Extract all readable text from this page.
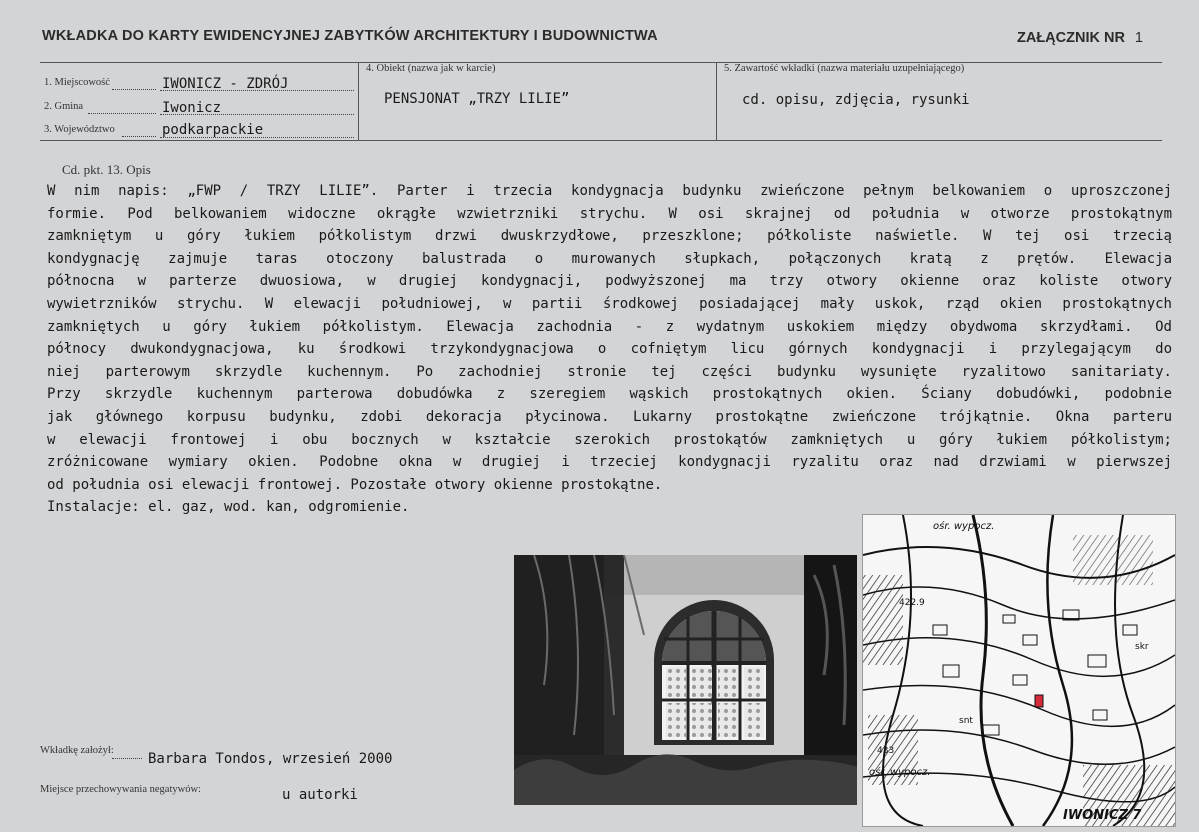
WKŁADKA DO KARTY EWIDENCYJNEJ ZABYTKÓW ARCHITEKTURY I BUDOWNICTWA	ZAŁĄCZNIK NR 1
1. Miejscowość	IWONICZ - ZDRÓJ
2. Gmina	Iwonicz
3. Województwo	podkarpackie
4. Obiekt (nazwa jak w karcie)
PENSJONAT „TRZY LILIE”
5. Zawartość wkładki (nazwa materiału uzupełniającego)
cd. opisu, zdjęcia, rysunki
Cd. pkt. 13. Opis
W nim napis: „FWP / TRZY LILIE”. Parter i trzecia kondygnacja budynku zwieńczone pełnym belkowaniem o uproszczonej
formie. Pod belkowaniem widoczne okrągłe wzwietrzniki strychu. W osi skrajnej od południa w otworze prostokątnym
zamkniętym u góry łukiem półkolistym drzwi dwuskrzydłowe, przeszklone; półkoliste naświetle. W tej osi trzecią
kondygnację zajmuje taras otoczony balustrada o murowanych słupkach, połączonych kratą z prętów. Elewacja
północna w parterze dwuosiowa, w drugiej kondygnacji, podwyższonej ma trzy otwory okienne oraz koliste otwory
wywietrzników strychu. W elewacji południowej, w partii środkowej posiadającej mały uskok, rząd okien prostokątnych
zamkniętych u góry łukiem półkolistym. Elewacja zachodnia - z wydatnym uskokiem między obydwoma skrzydłami. Od
północy dwukondygnacjowa, ku środkowi trzykondygnacjowa o cofniętym licu górnych kondygnacji i przylegającym do
niej parterowym skrzydle kuchennym. Po zachodniej stronie tej części budynku wysunięte ryzalitowo sanitariaty.
Przy skrzydle kuchennym parterowa dobudówka z szeregiem wąskich prostokątnych okien. Ściany dobudówki, podobnie
jak głównego korpusu budynku, zdobi dekoracja płycinowa. Lukarny prostokątne zwieńczone trójkątnie. Okna parteru
w elewacji frontowej i obu bocznych w kształcie szerokich prostokątów zamkniętych u góry łukiem półkolistym;
zróżnicowane wymiary okien. Podobne okna w drugiej i trzeciej kondygnacji ryzalitu oraz nad drzwiami w pierwszej
od południa osi elewacji frontowej. Pozostałe otwory okienne prostokątne.
Instalacje: el. gaz, wod. kan, odgromienie.
ośr. wypocz.
422.9
skr
snt
433
ośr. wypocz.
IWONICZ 7
Wkładkę założył:
Barbara Tondos, wrzesień 2000
Miejsce przechowywania negatywów:	u autorki
